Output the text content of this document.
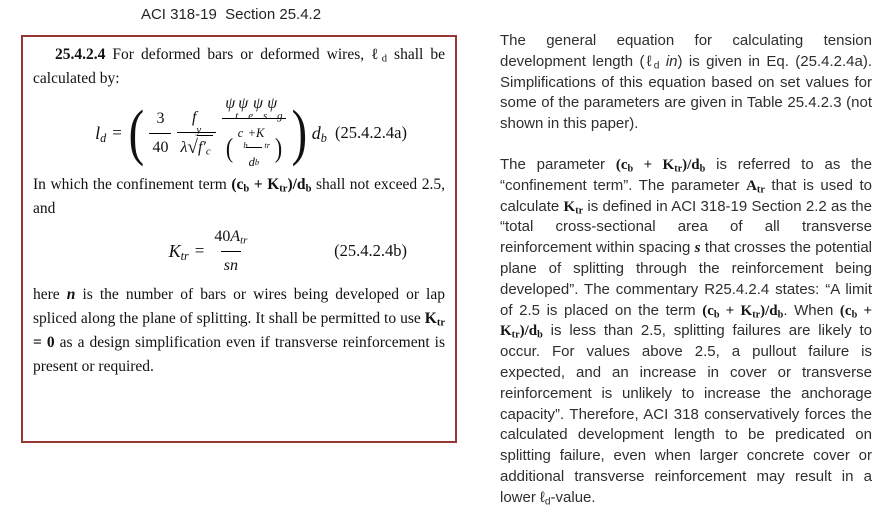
ACI 318-19  Section 25.4.2

25.4.2.4 For deformed bars or deformed wires, ℓ$_d$ shall be calculated by:

$l_d$ = ( $\frac{3}{40}$ f
y
λ √ $f'_c$
ψ
t
ψ
e
ψ
s
ψ
g
( c
b
+K
tr
d b ) ) $d_b$ (25.4.2.4a)

In which the confinement term $(c_b + K_{tr})/d_b$ shall not exceed 2.5, and

$K_{tr} = \frac{40 A_{tr}}{sn}$	(25.4.2.4b)

here n is the number of bars or wires being developed or lap spliced along the plane of splitting. It shall be permitted to use $K_{tr} = 0$ as a design simplification even if transverse reinforcement is present or required.

The general equation for calculating tension development length (ℓ$_d$ in) is given in Eq. (25.4.2.4a). Simplifications of this equation based on set values for some of the parameters are given in Table 25.4.2.3 (not shown in this paper).

The parameter $(c_b + K_{tr})/d_b$ is referred to as the “confinement term”. The parameter $A_{tr}$ that is used to calculate $K_{tr}$ is defined in ACI 318-19 Section 2.2 as the “total cross-sectional area of all transverse reinforcement within spacing s that crosses the potential plane of splitting through the reinforcement being developed”. The commentary R25.4.2.4 states: “A limit of 2.5 is placed on the term $(c_b + K_{tr})/d_b$. When $(c_b + K_{tr})/d_b$ is less than 2.5, splitting failures are likely to occur. For values above 2.5, a pullout failure is expected, and an increase in cover or transverse reinforcement is unlikely to increase the anchorage capacity”. Therefore, ACI 318 conservatively forces the calculated development length to be predicated on splitting failure, even when larger concrete cover or additional transverse reinforcement may result in a lower ℓ$_d$-value.
